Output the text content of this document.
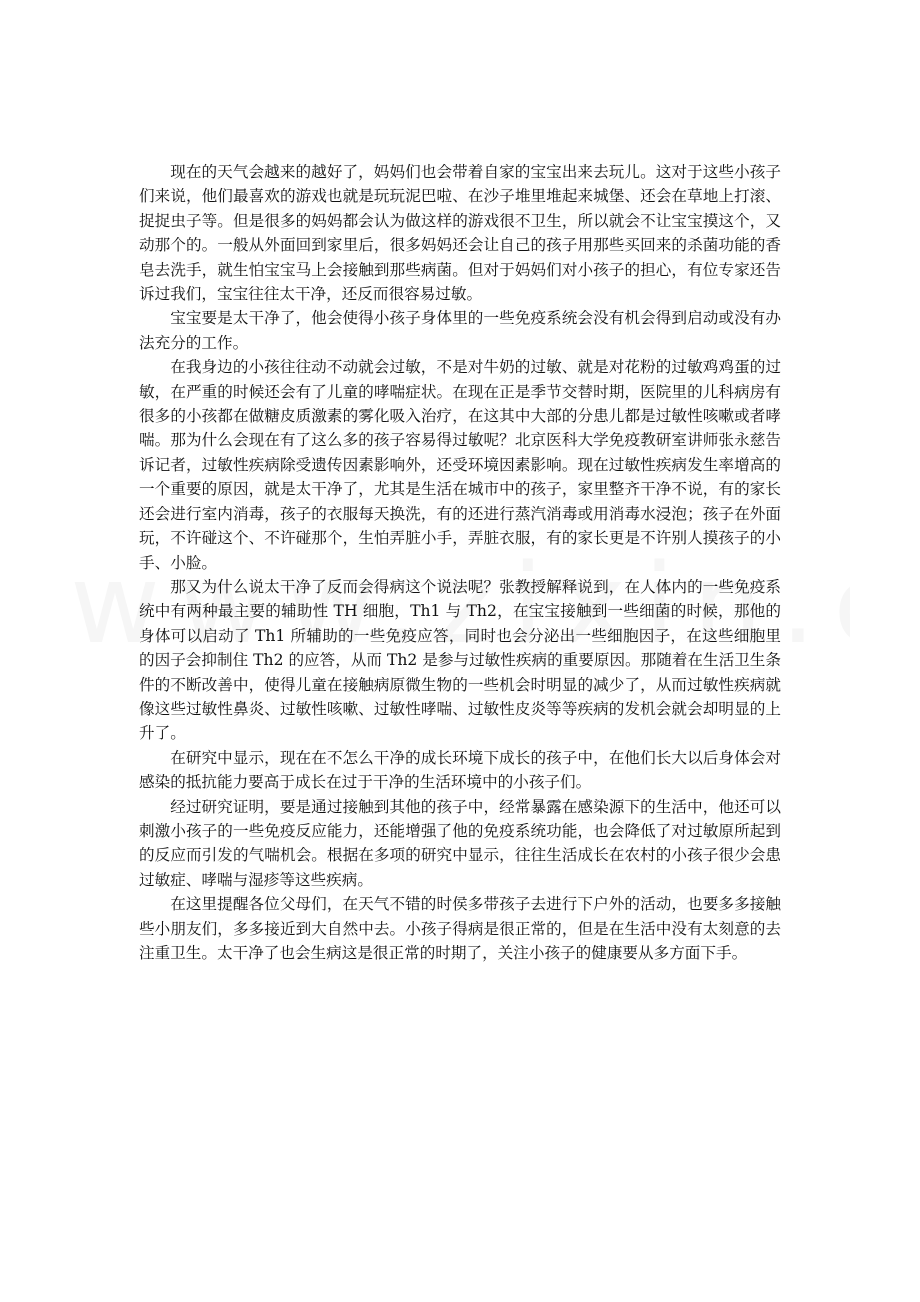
现在的天气会越来的越好了，妈妈们也会带着自家的宝宝出来去玩儿。这对于这些小孩子们来说，他们最喜欢的游戏也就是玩玩泥巴啦、在沙子堆里堆起来城堡、还会在草地上打滚、捉捉虫子等。但是很多的妈妈都会认为做这样的游戏很不卫生，所以就会不让宝宝摸这个，又动那个的。一般从外面回到家里后，很多妈妈还会让自己的孩子用那些买回来的杀菌功能的香皂去洗手，就生怕宝宝马上会接触到那些病菌。但对于妈妈们对小孩子的担心，有位专家还告诉过我们，宝宝往往太干净，还反而很容易过敏。

宝宝要是太干净了，他会使得小孩子身体里的一些免疫系统会没有机会得到启动或没有办法充分的工作。

在我身边的小孩往往动不动就会过敏，不是对牛奶的过敏、就是对花粉的过敏鸡鸡蛋的过敏，在严重的时候还会有了儿童的哮喘症状。在现在正是季节交替时期，医院里的儿科病房有很多的小孩都在做糖皮质激素的雾化吸入治疗，在这其中大部的分患儿都是过敏性咳嗽或者哮喘。那为什么会现在有了这么多的孩子容易得过敏呢？北京医科大学免疫教研室讲师张永慈告诉记者，过敏性疾病除受遗传因素影响外，还受环境因素影响。现在过敏性疾病发生率增高的一个重要的原因，就是太干净了，尤其是生活在城市中的孩子，家里整齐干净不说，有的家长还会进行室内消毒，孩子的衣服每天换洗，有的还进行蒸汽消毒或用消毒水浸泡；孩子在外面玩，不许碰这个、不许碰那个，生怕弄脏小手，弄脏衣服，有的家长更是不许别人摸孩子的小手、小脸。

那又为什么说太干净了反而会得病这个说法呢？张教授解释说到，在人体内的一些免疫系统中有两种最主要的辅助性 TH 细胞，Th1 与 Th2，在宝宝接触到一些细菌的时候，那他的身体可以启动了 Th1 所辅助的一些免疫应答，同时也会分泌出一些细胞因子，在这些细胞里的因子会抑制住 Th2 的应答，从而 Th2 是参与过敏性疾病的重要原因。那随着在生活卫生条件的不断改善中，使得儿童在接触病原微生物的一些机会时明显的减少了，从而过敏性疾病就像这些过敏性鼻炎、过敏性咳嗽、过敏性哮喘、过敏性皮炎等等疾病的发机会就会却明显的上升了。

在研究中显示，现在在不怎么干净的成长环境下成长的孩子中，在他们长大以后身体会对感染的抵抗能力要高于成长在过于干净的生活环境中的小孩子们。

经过研究证明，要是通过接触到其他的孩子中，经常暴露在感染源下的生活中，他还可以刺激小孩子的一些免疫反应能力，还能增强了他的免疫系统功能，也会降低了对过敏原所起到的反应而引发的气喘机会。根据在多项的研究中显示，往往生活成长在农村的小孩子很少会患过敏症、哮喘与湿疹等这些疾病。

在这里提醒各位父母们，在天气不错的时侯多带孩子去进行下户外的活动，也要多多接触些小朋友们，多多接近到大自然中去。小孩子得病是很正常的，但是在生活中没有太刻意的去注重卫生。太干净了也会生病这是很正常的时期了，关注小孩子的健康要从多方面下手。
